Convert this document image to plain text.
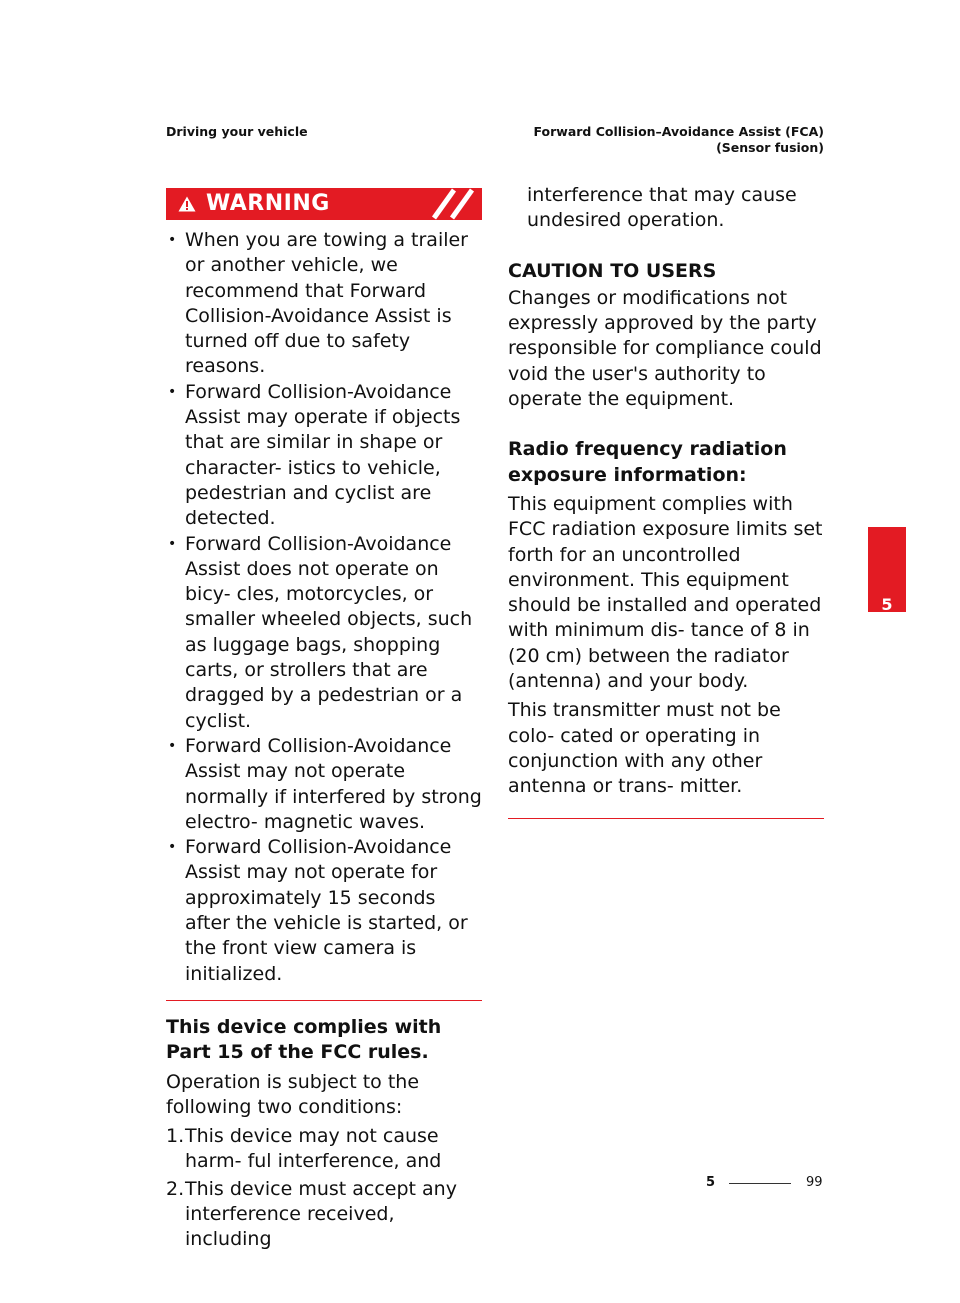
Driving your vehicle	Forward Collision–Avoidance Assist (FCA)
(Sensor fusion)
WARNING
• When you are towing a trailer or another vehicle, we recommend that Forward Collision-Avoidance Assist is turned off due to safety reasons.
• Forward Collision-Avoidance Assist may operate if objects that are similar in shape or character- istics to vehicle, pedestrian and cyclist are detected.
• Forward Collision-Avoidance Assist does not operate on bicy- cles, motorcycles, or smaller wheeled objects, such as luggage bags, shopping carts, or strollers that are dragged by a pedestrian or a cyclist.
• Forward Collision-Avoidance Assist may not operate normally if interfered by strong electro- magnetic waves.
• Forward Collision-Avoidance Assist may not operate for approximately 15 seconds after the vehicle is started, or the front view camera is initialized.

This device complies with Part 15 of the FCC rules.

Operation is subject to the following two conditions:

1. This device may not cause harm- ful interference, and
2. This device must accept any interference received, including
interference that may cause undesired operation.

CAUTION TO USERS

Changes or modifications not expressly approved by the party responsible for compliance could void the user's authority to operate the equipment.

Radio frequency radiation exposure information:

This equipment complies with FCC radiation exposure limits set forth for an uncontrolled environment. This equipment should be installed and operated with minimum dis- tance of 8 in (20 cm) between the radiator (antenna) and your body.

This transmitter must not be colo- cated or operating in conjunction with any other antenna or trans- mitter.

5
5	99
